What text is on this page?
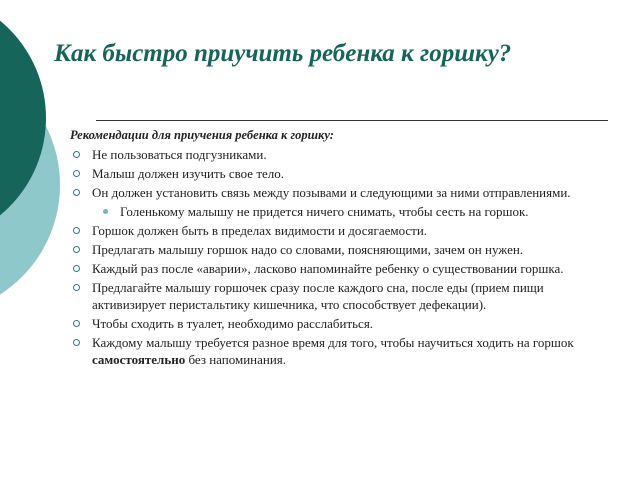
Как быстро приучить ребенка к горшку?
Рекомендации для приучения ребенка к горшку:
Не пользоваться подгузниками.
Малыш должен изучить свое тело.
Он должен установить связь между позывами и следующими за ними отправлениями.
Голенькому малышу не придется ничего снимать, чтобы сесть на горшок.
Горшок должен быть в пределах видимости и досягаемости.
Предлагать малышу горшок надо со словами, поясняющими, зачем он нужен.
Каждый раз после «аварии», ласково напоминайте ребенку о существовании горшка.
Предлагайте малышу горшочек сразу после каждого сна, после еды (прием пищи активизирует перистальтику кишечника, что способствует дефекации).
Чтобы сходить в туалет, необходимо расслабиться.
Каждому малышу требуется разное время для того, чтобы научиться ходить на горшок самостоятельно без напоминания.
